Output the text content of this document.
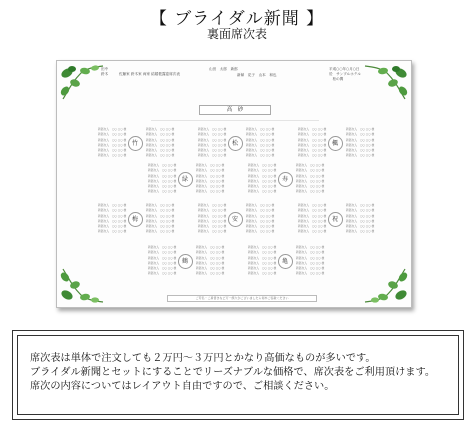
【 ブライダル新聞 】
裏面席次表
田中
鈴木	佐藤家 鈴木家 両家 結婚披露宴席次表
山田　 太郎　 新郎
新婦　 花子　 山本　 和也
平成○○年○月○日
於　サンプルホテル
　松の間
高　砂
竹
新郎友人　○○ ○○ 様
新郎友人　○○ ○○ 様
新郎友人　○○ ○○ 様
新郎友人　○○ ○○ 様
新郎友人　○○ ○○ 様
新郎友人　○○ ○○ 様
新郎友人　○○ ○○ 様
新郎友人　○○ ○○ 様
新郎友人　○○ ○○ 様
新郎友人　○○ ○○ 様
新郎友人　○○ ○○ 様
新郎友人　○○ ○○ 様
松
新郎友人　○○ ○○ 様
新郎友人　○○ ○○ 様
新郎友人　○○ ○○ 様
新郎友人　○○ ○○ 様
新郎友人　○○ ○○ 様
新郎友人　○○ ○○ 様
新郎友人　○○ ○○ 様
新郎友人　○○ ○○ 様
新郎友人　○○ ○○ 様
新郎友人　○○ ○○ 様
新郎友人　○○ ○○ 様
新郎友人　○○ ○○ 様
楓
新郎友人　○○ ○○ 様
新郎友人　○○ ○○ 様
新郎友人　○○ ○○ 様
新郎友人　○○ ○○ 様
新郎友人　○○ ○○ 様
新郎友人　○○ ○○ 様
新郎友人　○○ ○○ 様
新郎友人　○○ ○○ 様
新郎友人　○○ ○○ 様
新郎友人　○○ ○○ 様
新郎友人　○○ ○○ 様
新郎友人　○○ ○○ 様
緑
新郎友人　○○ ○○ 様
新郎友人　○○ ○○ 様
新郎友人　○○ ○○ 様
新郎友人　○○ ○○ 様
新郎友人　○○ ○○ 様
新郎友人　○○ ○○ 様
新郎友人　○○ ○○ 様
新郎友人　○○ ○○ 様
新郎友人　○○ ○○ 様
新郎友人　○○ ○○ 様
新郎友人　○○ ○○ 様
新郎友人　○○ ○○ 様
寿
新郎友人　○○ ○○ 様
新郎友人　○○ ○○ 様
新郎友人　○○ ○○ 様
新郎友人　○○ ○○ 様
新郎友人　○○ ○○ 様
新郎友人　○○ ○○ 様
新郎友人　○○ ○○ 様
新郎友人　○○ ○○ 様
新郎友人　○○ ○○ 様
新郎友人　○○ ○○ 様
新郎友人　○○ ○○ 様
新郎友人　○○ ○○ 様
梅
新郎友人　○○ ○○ 様
新郎友人　○○ ○○ 様
新郎友人　○○ ○○ 様
新郎友人　○○ ○○ 様
新郎友人　○○ ○○ 様
新郎友人　○○ ○○ 様
新郎友人　○○ ○○ 様
新郎友人　○○ ○○ 様
新郎友人　○○ ○○ 様
新郎友人　○○ ○○ 様
新郎友人　○○ ○○ 様
新郎友人　○○ ○○ 様
安
新郎友人　○○ ○○ 様
新郎友人　○○ ○○ 様
新郎友人　○○ ○○ 様
新郎友人　○○ ○○ 様
新郎友人　○○ ○○ 様
新郎友人　○○ ○○ 様
新郎友人　○○ ○○ 様
新郎友人　○○ ○○ 様
新郎友人　○○ ○○ 様
新郎友人　○○ ○○ 様
新郎友人　○○ ○○ 様
新郎友人　○○ ○○ 様
祝
新郎友人　○○ ○○ 様
新郎友人　○○ ○○ 様
新郎友人　○○ ○○ 様
新郎友人　○○ ○○ 様
新郎友人　○○ ○○ 様
新郎友人　○○ ○○ 様
新郎友人　○○ ○○ 様
新郎友人　○○ ○○ 様
新郎友人　○○ ○○ 様
新郎友人　○○ ○○ 様
新郎友人　○○ ○○ 様
新郎友人　○○ ○○ 様
鶴
新郎友人　○○ ○○ 様
新郎友人　○○ ○○ 様
新郎友人　○○ ○○ 様
新郎友人　○○ ○○ 様
新郎友人　○○ ○○ 様
新郎友人　○○ ○○ 様
新郎友人　○○ ○○ 様
新郎友人　○○ ○○ 様
新郎友人　○○ ○○ 様
新郎友人　○○ ○○ 様
新郎友人　○○ ○○ 様
新郎友人　○○ ○○ 様
亀
新郎友人　○○ ○○ 様
新郎友人　○○ ○○ 様
新郎友人　○○ ○○ 様
新郎友人　○○ ○○ 様
新郎友人　○○ ○○ 様
新郎友人　○○ ○○ 様
新郎友人　○○ ○○ 様
新郎友人　○○ ○○ 様
新郎友人　○○ ○○ 様
新郎友人　○○ ○○ 様
新郎友人　○○ ○○ 様
新郎友人　○○ ○○ 様
ご芳名・ご肩書きなど万一誤りがございましたら何卒ご容赦ください
席次表は単体で注文しても２万円〜３万円とかなり高価なものが多いです。
ブライダル新聞とセットにすることでリーズナブルな価格で、席次表をご利用頂けます。
席次の内容についてはレイアウト自由ですので、ご相談ください。
